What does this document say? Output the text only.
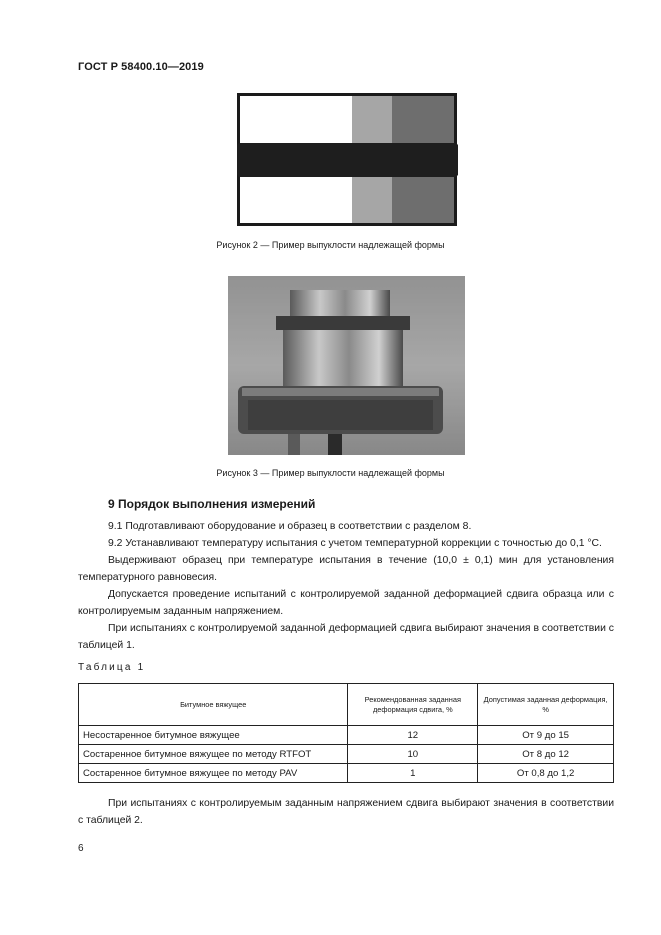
ГОСТ Р 58400.10—2019
Рисунок 2 — Пример выпуклости надлежащей формы
Рисунок 3 — Пример выпуклости надлежащей формы
9 Порядок выполнения измерений

9.1 Подготавливают оборудование и образец в соответствии с разделом 8.

9.2 Устанавливают температуру испытания с учетом температурной коррекции с точностью до 0,1 °С.

Выдерживают образец при температуре испытания в течение (10,0 ± 0,1) мин для установления температурного равновесия.

Допускается проведение испытаний с контролируемой заданной деформацией сдвига образца или с контролируемым заданным напряжением.

При испытаниях с контролируемой заданной деформацией сдвига выбирают значения в соответствии с таблицей 1.

Таблица 1
Битумное вяжущее	Рекомендованная заданная деформация сдвига, %	Допустимая заданная деформация, %
Несостаренное битумное вяжущее	12	От 9 до 15
Состаренное битумное вяжущее по методу RTFOT	10	От 8 до 12
Состаренное битумное вяжущее по методу PAV	1	От 0,8 до 1,2

При испытаниях с контролируемым заданным напряжением сдвига выбирают значения в соответствии с таблицей 2.

6
